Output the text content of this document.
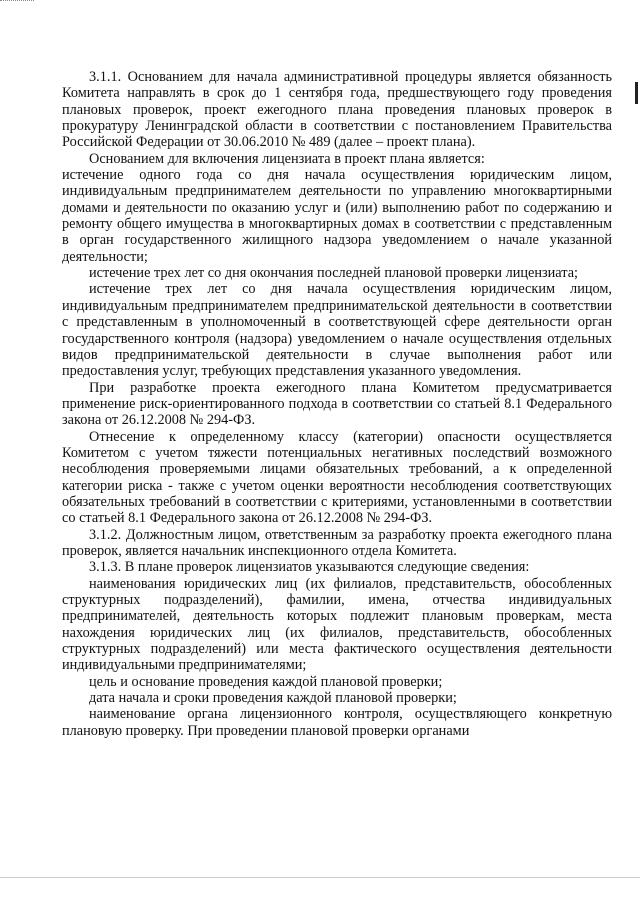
3.1.1. Основанием для начала административной процедуры является обязанность Комитета направлять в срок до 1 сентября года, предшествующего году проведения плановых проверок, проект ежегодного плана проведения плановых проверок в прокуратуру Ленинградской области в соответствии с постановлением Правительства Российской Федерации от 30.06.2010 № 489 (далее – проект плана).

Основанием для включения лицензиата в проект плана является:

истечение одного года со дня начала осуществления юридическим лицом, индивидуальным предпринимателем деятельности по управлению многоквартирными домами и деятельности по оказанию услуг и (или) выполнению работ по содержанию и ремонту общего имущества в многоквартирных домах в соответствии с представленным в орган государственного жилищного надзора уведомлением о начале указанной деятельности;

истечение трех лет со дня окончания последней плановой проверки лицензиата;

истечение трех лет со дня начала осуществления юридическим лицом, индивидуальным предпринимателем предпринимательской деятельности в соответствии с представленным в уполномоченный в соответствующей сфере деятельности орган государственного контроля (надзора) уведомлением о начале осуществления отдельных видов предпринимательской деятельности в случае выполнения работ или предоставления услуг, требующих представления указанного уведомления.

При разработке проекта ежегодного плана Комитетом предусматривается применение риск-ориентированного подхода в соответствии со статьей 8.1 Федерального закона от 26.12.2008 № 294-ФЗ.

Отнесение к определенному классу (категории) опасности осуществляется Комитетом с учетом тяжести потенциальных негативных последствий возможного несоблюдения проверяемыми лицами обязательных требований, а к определенной категории риска - также с учетом оценки вероятности несоблюдения соответствующих обязательных требований в соответствии с критериями, установленными в соответствии со статьей 8.1 Федерального закона от 26.12.2008 № 294-ФЗ.

3.1.2. Должностным лицом, ответственным за разработку проекта ежегодного плана проверок, является начальник инспекционного отдела Комитета.

3.1.3. В плане проверок лицензиатов указываются следующие сведения:

наименования юридических лиц (их филиалов, представительств, обособленных структурных подразделений), фамилии, имена, отчества индивидуальных предпринимателей, деятельность которых подлежит плановым проверкам, места нахождения юридических лиц (их филиалов, представительств, обособленных структурных подразделений) или места фактического осуществления деятельности индивидуальными предпринимателями;

цель и основание проведения каждой плановой проверки;

дата начала и сроки проведения каждой плановой проверки;

наименование органа лицензионного контроля, осуществляющего конкретную плановую проверку. При проведении плановой проверки органами
